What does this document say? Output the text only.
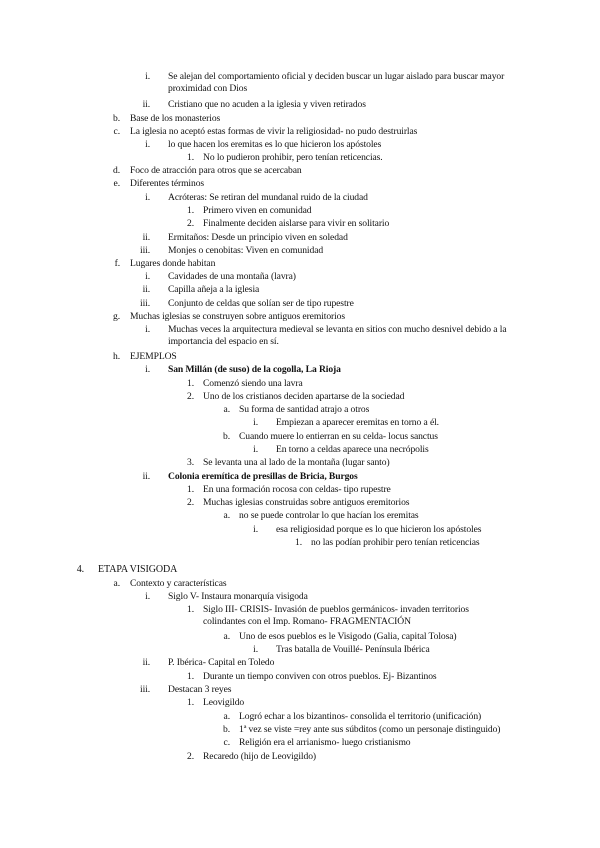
i. Se alejan del comportamiento oficial y deciden buscar un lugar aislado para buscar mayor proximidad con Dios
ii. Cristiano que no acuden a la iglesia y viven retirados
b. Base de los monasterios
c. La iglesia no aceptó estas formas de vivir la religiosidad- no pudo destruirlas
i. lo que hacen los eremitas es lo que hicieron los apóstoles
1. No lo pudieron prohibir, pero tenían reticencias.
d. Foco de atracción para otros que se acercaban
e. Diferentes términos
i. Acróteras: Se retiran del mundanal ruido de la ciudad
1. Primero viven en comunidad
2. Finalmente deciden aislarse para vivir en solitario
ii. Ermitaños: Desde un principio viven en soledad
iii. Monjes o cenobitas: Viven en comunidad
f. Lugares donde habitan
i. Cavidades de una montaña (lavra)
ii. Capilla añeja a la iglesia
iii. Conjunto de celdas que solían ser de tipo rupestre
g. Muchas iglesias se construyen sobre antiguos eremitorios
i. Muchas veces la arquitectura medieval se levanta en sitios con mucho desnivel debido a la importancia del espacio en sí.
h. EJEMPLOS
i. San Millán (de suso) de la cogolla, La Rioja
1. Comenzó siendo una lavra
2. Uno de los cristianos deciden apartarse de la sociedad
a. Su forma de santidad atrajo a otros
i. Empiezan a aparecer eremitas en torno a él.
b. Cuando muere lo entierran en su celda- locus sanctus
i. En torno a celdas aparece una necrópolis
3. Se levanta una al lado de la montaña (lugar santo)
ii. Colonia eremítica de presillas de Bricia, Burgos
1. En una formación rocosa con celdas- tipo rupestre
2. Muchas iglesias construidas sobre antiguos eremitorios
a. no se puede controlar lo que hacían los eremitas
i. esa religiosidad porque es lo que hicieron los apóstoles
1. no las podían prohibir pero tenían reticencias
4. ETAPA VISIGODA
a. Contexto y características
i. Siglo V- Instaura monarquía visigoda
1. Siglo III- CRISIS- Invasión de pueblos germánicos- invaden territorios colindantes con el Imp. Romano- FRAGMENTACIÓN
a. Uno de esos pueblos es le Visigodo (Galia, capital Tolosa)
i. Tras batalla de Vouillé- Península Ibérica
ii. P. Ibérica- Capital en Toledo
1. Durante un tiempo conviven con otros pueblos. Ej- Bizantinos
iii. Destacan 3 reyes
1. Leovigildo
a. Logró echar a los bizantinos- consolida el territorio (unificación)
b. 1ª vez se viste =rey ante sus súbditos (como un personaje distinguido)
c. Religión era el arrianismo- luego cristianismo
2. Recaredo (hijo de Leovigildo)
